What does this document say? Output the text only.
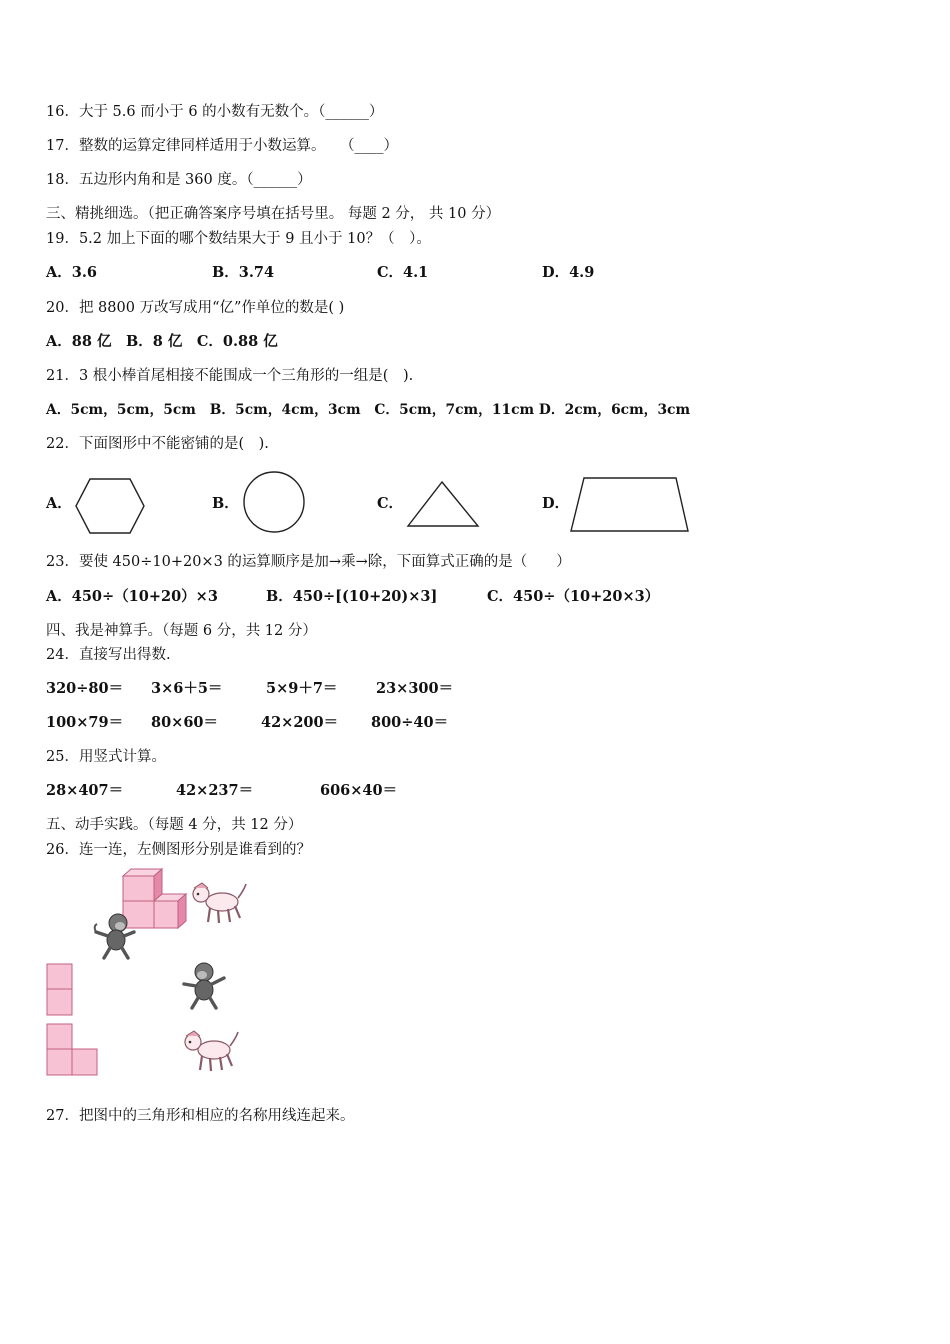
16．大于 5.6 而小于 6 的小数有无数个。（______）
17．整数的运算定律同样适用于小数运算。　　（____）
18．五边形内角和是 360 度。（______）
三、精挑细选。（把正确答案序号填在括号里。 每题 2 分， 共 10 分）
19．5.2 加上下面的哪个数结果大于 9 且小于 10？（　）。
A．3.6	B．3.74	C．4.1	D．4.9
20．把 8800 万改写成用“亿”作单位的数是( )
A．88 亿　B．8 亿　C．0.88 亿
21．3 根小棒首尾相接不能围成一个三角形的一组是(　).
A．5cm，5cm，5cm　B．5cm，4cm，3cm　C．5cm，7cm，11cm D．2cm，6cm，3cm
22．下面图形中不能密铺的是(　).
A．	B．	C．	D．
23．要使 450÷10+20×3 的运算顺序是加→乘→除，下面算式正确的是（　　）
A．450÷（10+20）×3	B．450÷[(10+20)×3]	C．450÷（10+20×3）
四、我是神算手。（每题 6 分，共 12 分）
24．直接写出得数.
320÷80＝ 3×6＋5＝	5×9＋7＝	23×300＝
100×79＝ 80×60＝	42×200＝ 800÷40＝
25．用竖式计算。
28×407＝	42×237＝	606×40＝
五、动手实践。（每题 4 分，共 12 分）
26．连一连，左侧图形分别是谁看到的？
27．把图中的三角形和相应的名称用线连起来。
